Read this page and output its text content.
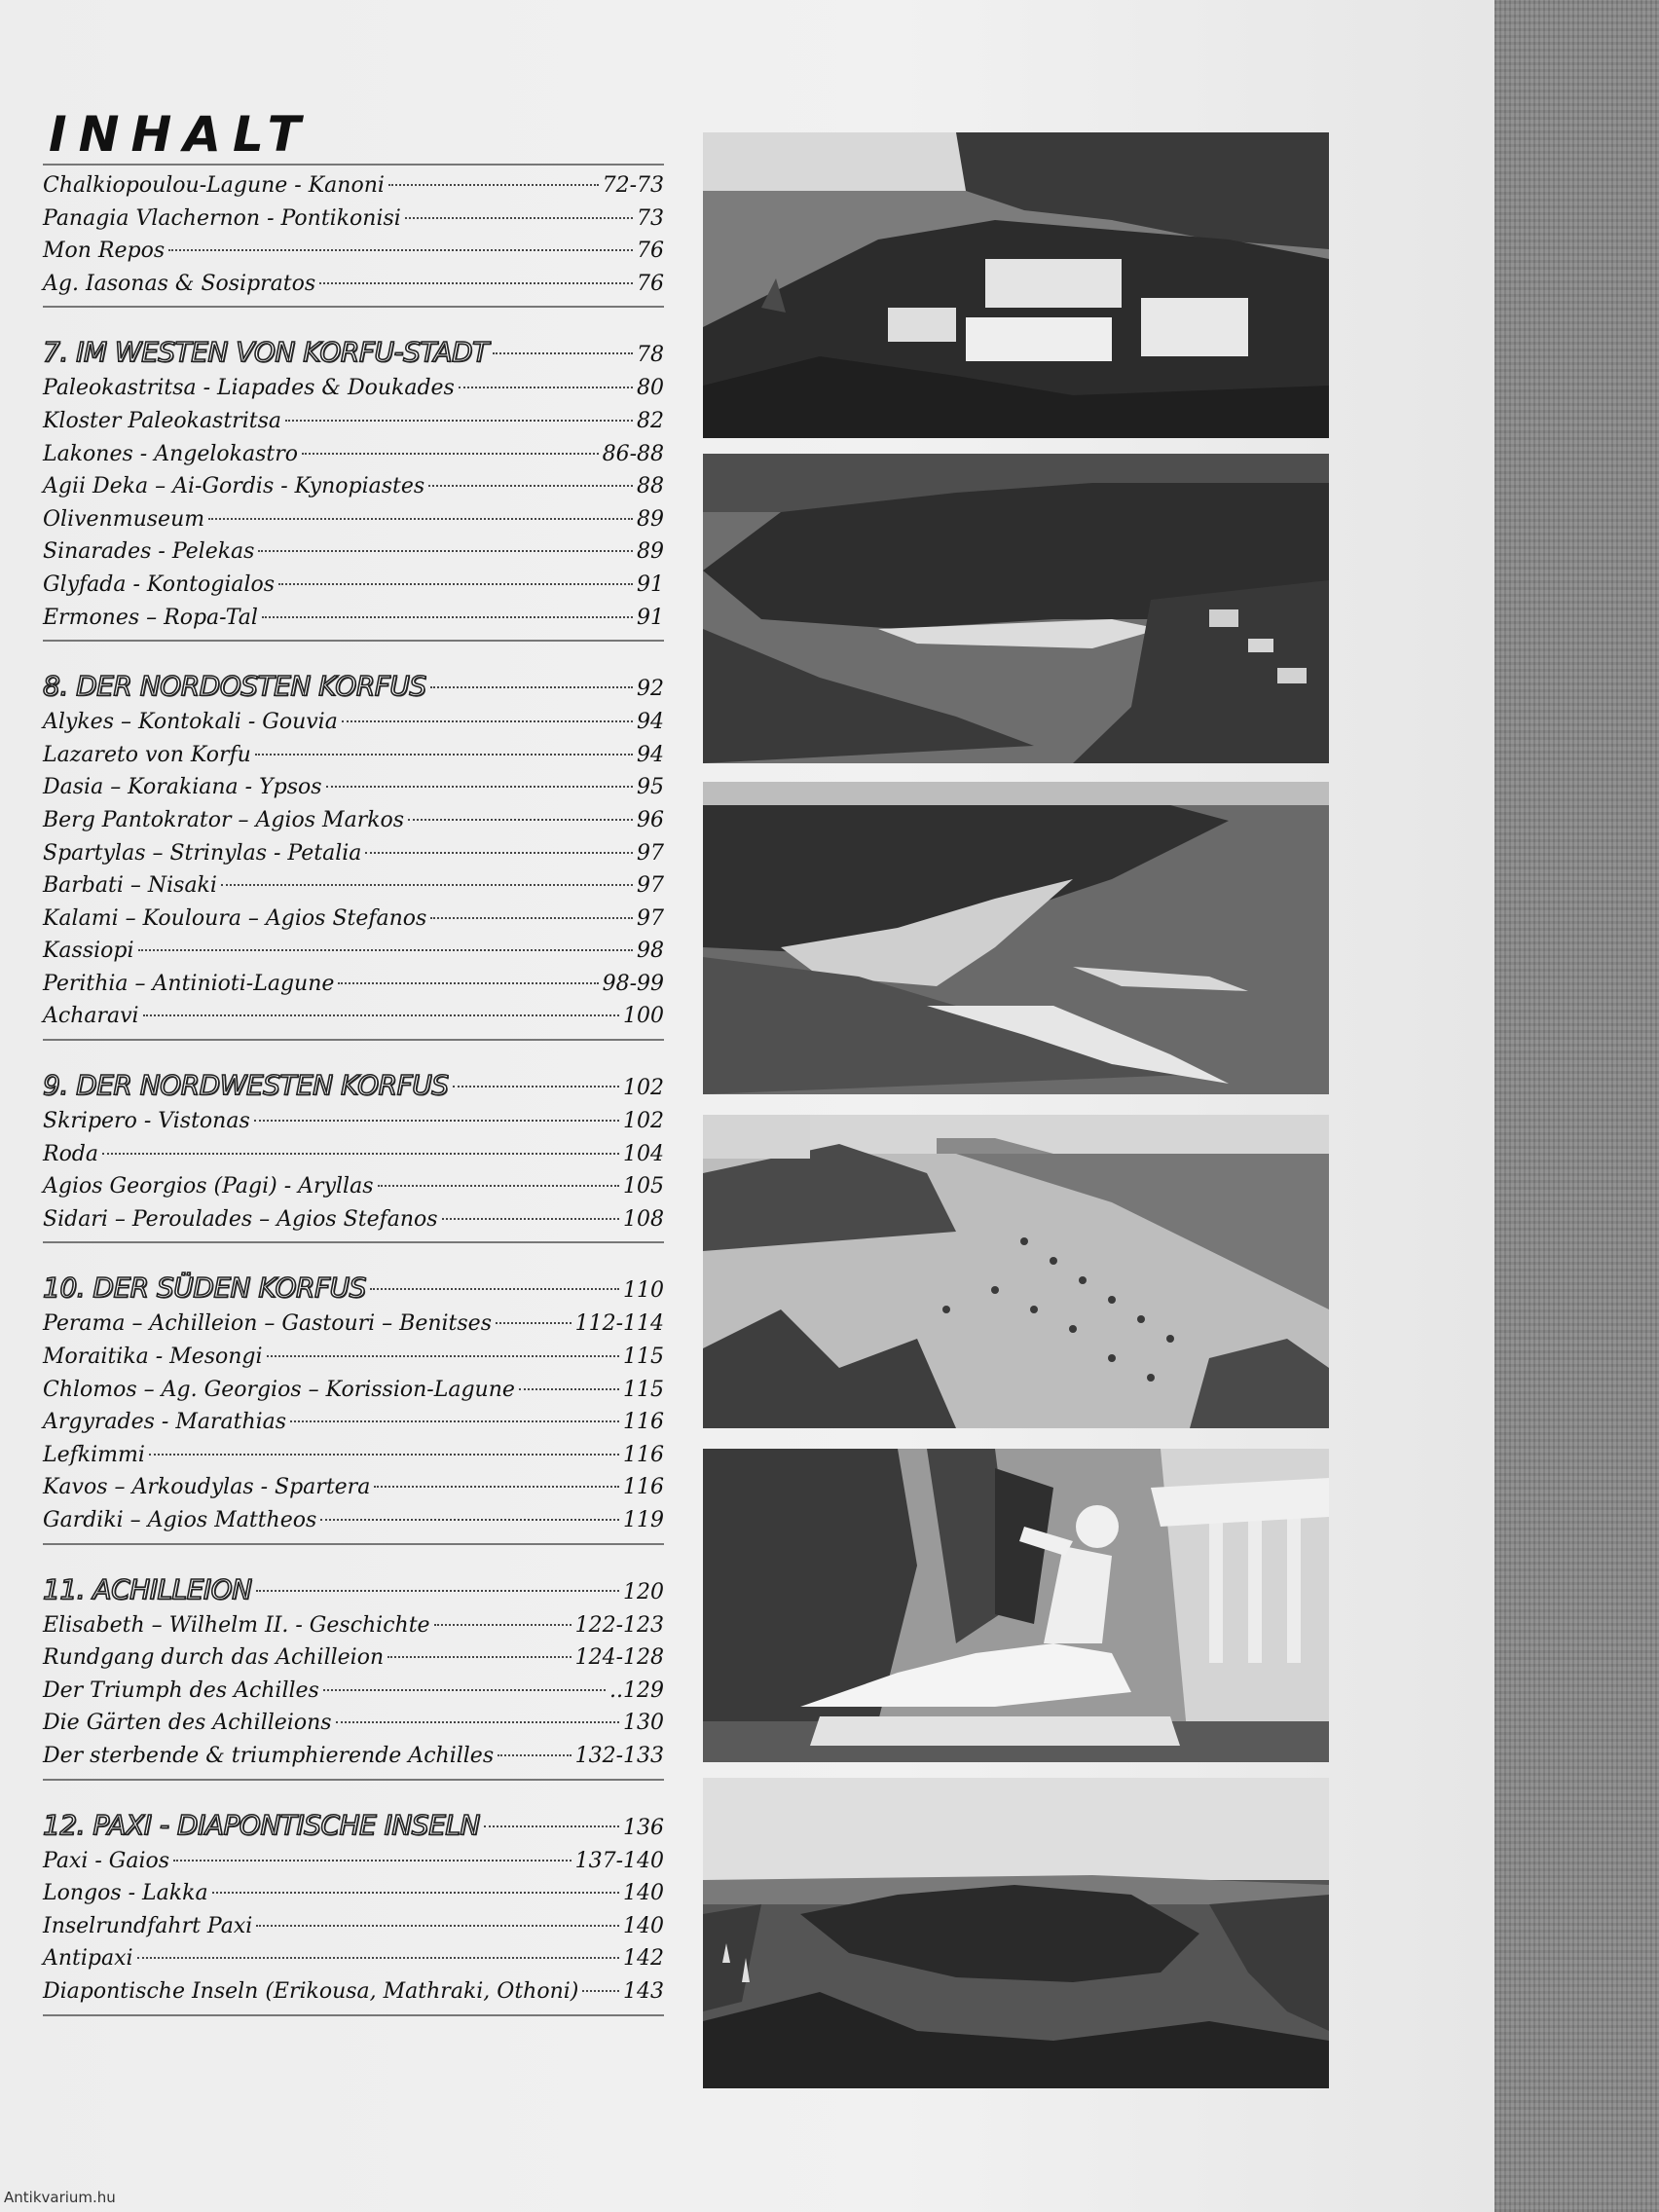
INHALT
Chalkiopoulou-Lagune - Kanoni	72-73
Panagia Vlachernon - Pontikonisi	73
Mon Repos	76
Ag. Iasonas & Sosipratos	76
7. IM WESTEN VON KORFU-STADT	78
Paleokastritsa - Liapades & Doukades	80
Kloster Paleokastritsa	82
Lakones - Angelokastro	86-88
Agii Deka – Ai-Gordis - Kynopiastes	88
Olivenmuseum	89
Sinarades - Pelekas	89
Glyfada - Kontogialos	91
Ermones – Ropa-Tal	91
8. DER NORDOSTEN KORFUS	92
Alykes – Kontokali - Gouvia	94
Lazareto von Korfu	94
Dasia – Korakiana - Ypsos	95
Berg Pantokrator – Agios Markos	96
Spartylas – Strinylas - Petalia	97
Barbati – Nisaki	97
Kalami – Kouloura – Agios Stefanos	97
Kassiopi	98
Perithia – Antinioti-Lagune	98-99
Acharavi	100
9. DER NORDWESTEN KORFUS	102
Skripero - Vistonas	102
Roda	104
Agios Georgios (Pagi) - Aryllas	105
Sidari – Peroulades – Agios Stefanos	108
10. DER SÜDEN KORFUS	110
Perama – Achilleion – Gastouri – Benitses	112-114
Moraitika - Mesongi	115
Chlomos – Ag. Georgios – Korission-Lagune	115
Argyrades - Marathias	116
Lefkimmi	116
Kavos – Arkoudylas - Spartera	116
Gardiki – Agios Mattheos	119
11. ACHILLEION	120
Elisabeth – Wilhelm II. - Geschichte	122-123
Rundgang durch das Achilleion	124-128
Der Triumph des Achilles	..129
Die Gärten des Achilleions	130
Der sterbende & triumphierende Achilles	132-133
12. PAXI - DIAPONTISCHE INSELN	136
Paxi - Gaios	137-140
Longos - Lakka	140
Inselrundfahrt Paxi	140
Antipaxi	142
Diapontische Inseln (Erikousa, Mathraki, Othoni) 143
Antikvarium.hu
